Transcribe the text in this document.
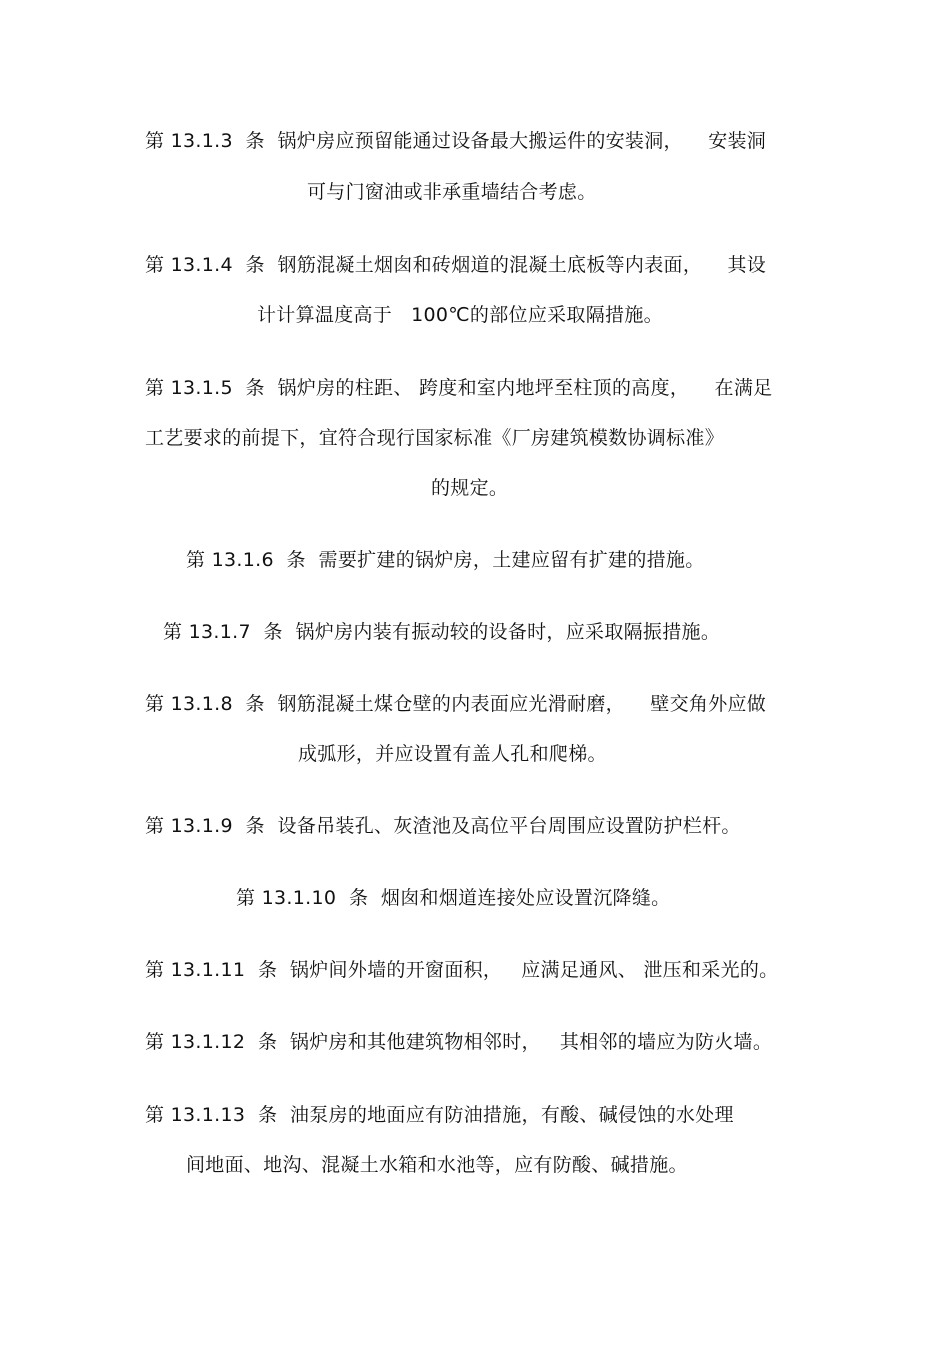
第 13.1.3  条  锅炉房应预留能通过设备最大搬运件的安装洞，    安装洞
可与门窗油或非承重墙结合考虑。
第 13.1.4  条  钢筋混凝土烟囱和砖烟道的混凝土底板等内表面，    其设
计计算温度高于   100℃的部位应采取隔措施。
第 13.1.5  条  锅炉房的柱距、 跨度和室内地坪至柱顶的高度，    在满足
工艺要求的前提下，宜符合现行国家标准《厂房建筑模数协调标准》
的规定。
第 13.1.6  条  需要扩建的锅炉房，土建应留有扩建的措施。
第 13.1.7  条  锅炉房内装有振动较的设备时，应采取隔振措施。
第 13.1.8  条  钢筋混凝土煤仓壁的内表面应光滑耐磨，    壁交角外应做
成弧形，并应设置有盖人孔和爬梯。
第 13.1.9  条  设备吊装孔、灰渣池及高位平台周围应设置防护栏杆。
第 13.1.10  条  烟囱和烟道连接处应设置沉降缝。
第 13.1.11  条  锅炉间外墙的开窗面积，   应满足通风、 泄压和采光的。
第 13.1.12  条  锅炉房和其他建筑物相邻时，   其相邻的墙应为防火墙。
第 13.1.13  条  油泵房的地面应有防油措施，有酸、碱侵蚀的水处理
间地面、地沟、混凝土水箱和水池等，应有防酸、碱措施。
